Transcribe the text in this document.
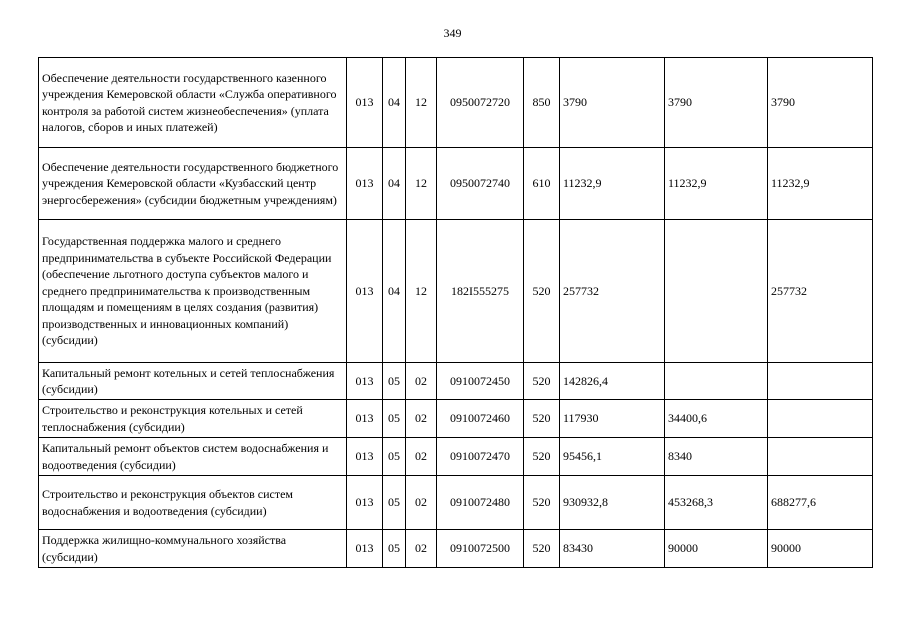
349
Обеспечение деятельности государственного казенного учреждения Кемеровской области «Служба оперативного контроля за работой систем жизнеобеспечения» (уплата налогов, сборов и иных платежей)	013	04	12	0950072720	850	3790	3790	3790
Обеспечение деятельности государственного бюджетного учреждения Кемеровской области «Кузбасский центр энергосбережения» (субсидии бюджетным учреждениям)	013	04	12	0950072740	610	11232,9	11232,9	11232,9
Государственная поддержка малого и среднего предпринимательства в субъекте Российской Федерации (обеспечение льготного доступа субъектов малого и среднего предпринимательства к производственным площадям и помещениям в целях создания (развития) производственных и инновационных компаний) (субсидии)	013	04	12	182I555275	520	257732		257732
Капитальный ремонт котельных и сетей теплоснабжения (субсидии)	013	05	02	0910072450	520	142826,4		
Строительство и реконструкция котельных и сетей теплоснабжения (субсидии)	013	05	02	0910072460	520	117930	34400,6	
Капитальный ремонт объектов систем водоснабжения и водоотведения (субсидии)	013	05	02	0910072470	520	95456,1	8340	
Строительство и реконструкция объектов систем водоснабжения и водоотведения (субсидии)	013	05	02	0910072480	520	930932,8	453268,3	688277,6
Поддержка жилищно-коммунального хозяйства (субсидии)	013	05	02	0910072500	520	83430	90000	90000
